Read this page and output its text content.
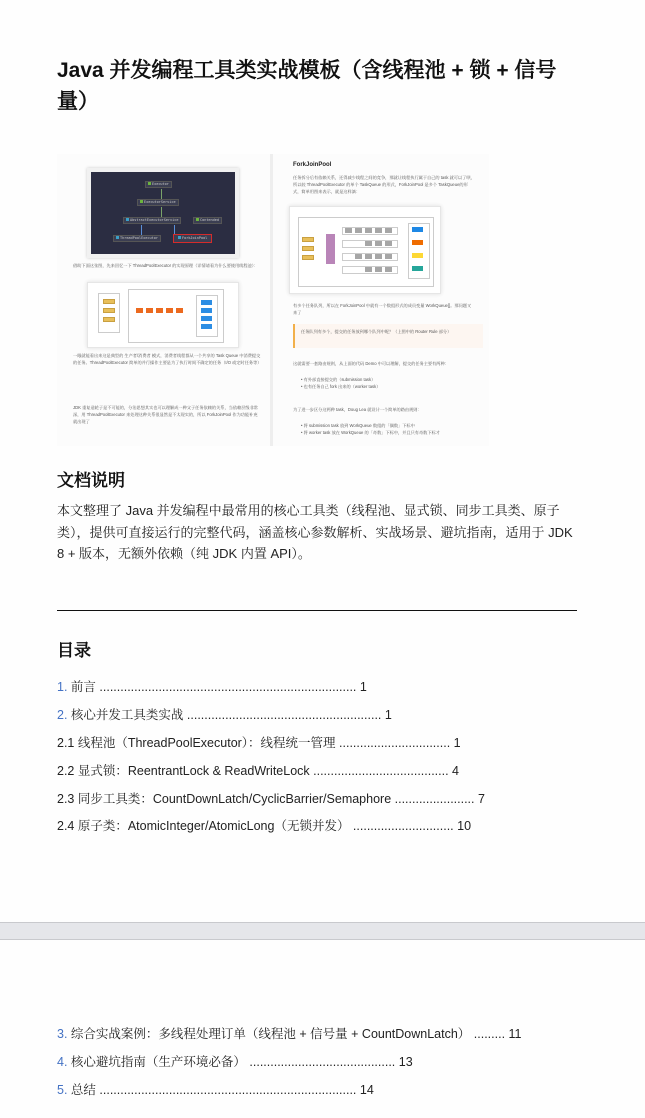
Java 并发编程工具类实战模板（含线程池 + 锁 + 信号
量）
Executor
ExecutorService
AbstractExecutorService	Contended
ThreadPoolExecutor	ForkJoinPool
借助下面这张图，先来回忆一下 ThreadPoolExecutor 的实现原理（详情请看为什么要使用线程池）：
一眼就能看出来这是典型的 生产者/消费者 模式，消费者线程都从一个共享的 Task Queue 中消费提交的任务。ThreadPoolExecutor 简单的并行操作主要是为了执行时间不确定的任务（I/O 或定时任务等）
JDK 重复造轮子是不可能的，分治思想其实也可以理解成一种父子任务依赖的关系，当依赖层级非常深，用 ThreadPoolExecutor 来处理这种关系很显然是不太现实的，所以 ForkJoinPool 作为功能补充就出现了
ForkJoinPool
任务拆分后有依赖关系，还得减少线程之间的竞争，那就让线程执行属于自己的 task 就可以了呗，所以较 ThreadPoolExecutor 的单个 TaskQueue 的形式，ForkJoinPool 是多个 TaskQueue的形式，简单用图来表示，就是这样滴：
有多个任务队列，所以在 ForkJoinPool 中就有一个数组形式的成员变量 WorkQueue[]。那问题又来了
任务队列有多个，提交的任务放到哪个队列中呢？（上图中的 Router Rule 部分）
这就需要一套路由规则，从上面的代码 Demo 中可以理解，提交的任务主要有两种：
• 有外部直接提交的（submission task）
• 也有任务自己 fork 出来的（worker task）
为了进一步区分这两种 task，Doug Lea 就设计一个简单的路由规则：
• 将 submission task 放到 WorkQueue 数组的「偶数」下标中
• 将 worker task 放在 WorkQueue 的「奇数」下标中，并且只有奇数下标才
文档说明

本文整理了 Java 并发编程中最常用的核心工具类（线程池、显式锁、同步工具类、原子类），提供可直接运行的完整代码，涵盖核心参数解析、实战场景、避坑指南，适用于 JDK 8 + 版本，无额外依赖（纯 JDK 内置 API）。

目录
1. 前言 .......................................................................... 1
2. 核心并发工具类实战 ........................................................ 1
2.1 线程池（ThreadPoolExecutor）：线程统一管理 ................................ 1
2.2 显式锁：ReentrantLock & ReadWriteLock ....................................... 4
2.3 同步工具类：CountDownLatch/CyclicBarrier/Semaphore ....................... 7
2.4 原子类：AtomicInteger/AtomicLong（无锁并发） ............................. 10
3. 综合实战案例：多线程处理订单（线程池 + 信号量 + CountDownLatch） ......... 11
4. 核心避坑指南（生产环境必备） .......................................... 13
5. 总结 .......................................................................... 14
